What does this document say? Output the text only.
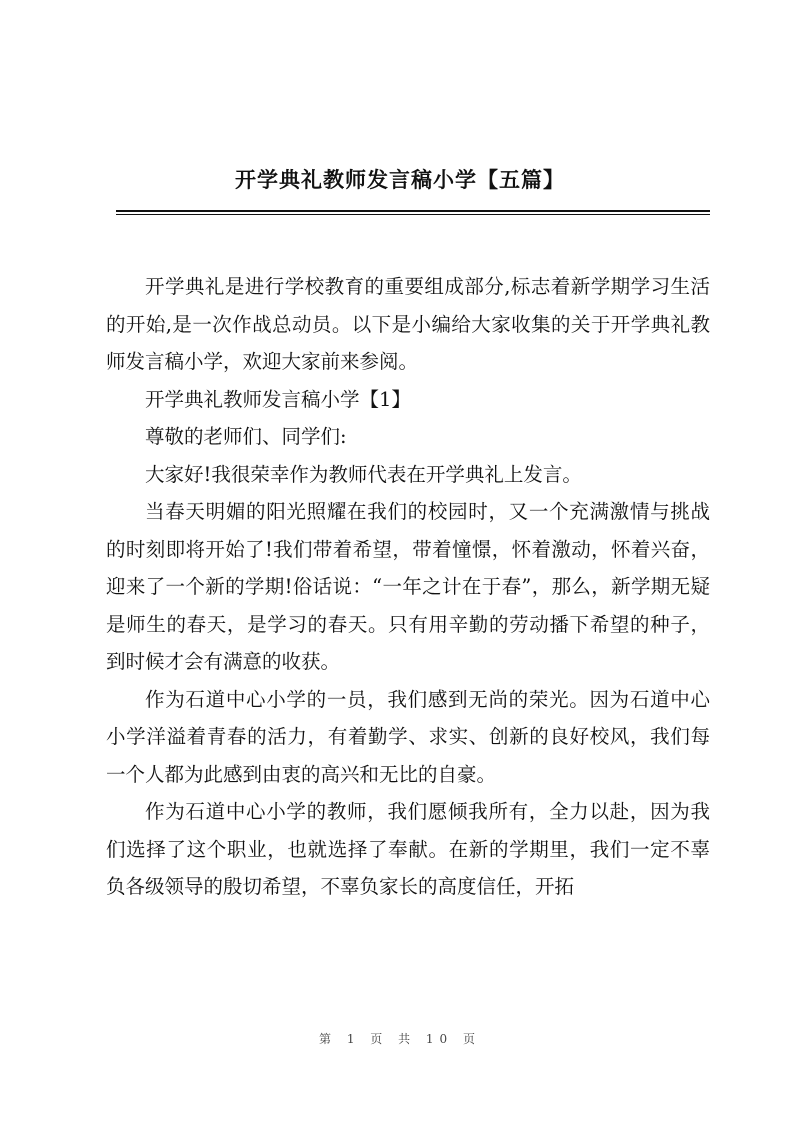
开学典礼教师发言稿小学【五篇】

开学典礼是进行学校教育的重要组成部分,标志着新学期学习生活的开始,是一次作战总动员。以下是小编给大家收集的关于开学典礼教师发言稿小学，欢迎大家前来参阅。

开学典礼教师发言稿小学【1】

尊敬的老师们、同学们:

大家好!我很荣幸作为教师代表在开学典礼上发言。

当春天明媚的阳光照耀在我们的校园时，又一个充满激情与挑战的时刻即将开始了!我们带着希望，带着憧憬，怀着激动，怀着兴奋，迎来了一个新的学期!俗话说：“一年之计在于春”，那么，新学期无疑是师生的春天，是学习的春天。只有用辛勤的劳动播下希望的种子，到时候才会有满意的收获。

作为石道中心小学的一员，我们感到无尚的荣光。因为石道中心小学洋溢着青春的活力，有着勤学、求实、创新的良好校风，我们每一个人都为此感到由衷的高兴和无比的自豪。

作为石道中心小学的教师，我们愿倾我所有，全力以赴，因为我们选择了这个职业，也就选择了奉献。在新的学期里，我们一定不辜负各级领导的殷切希望，不辜负家长的高度信任，开拓

第 1 页 共 10 页
